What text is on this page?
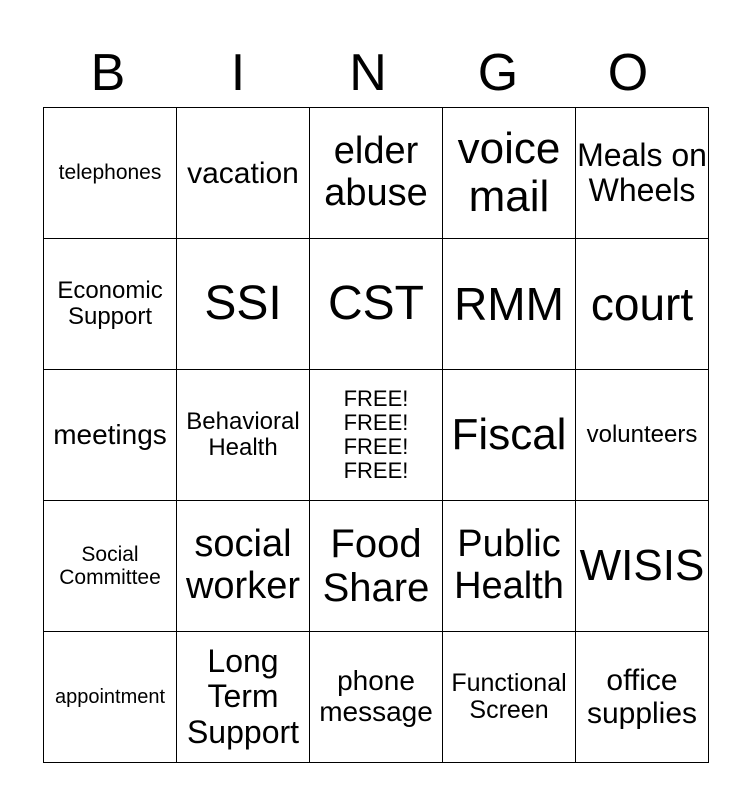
B	I	N	G	O
telephones	vacation	elder abuse	voice mail	Meals on Wheels
Economic Support	SSI	CST	RMM	court
meetings	Behavioral Health	FREE! FREE! FREE! FREE!	Fiscal	volunteers
Social Committee	social worker	Food Share	Public Health	WISIS
appointment	Long Term Support	phone message	Functional Screen	office supplies
